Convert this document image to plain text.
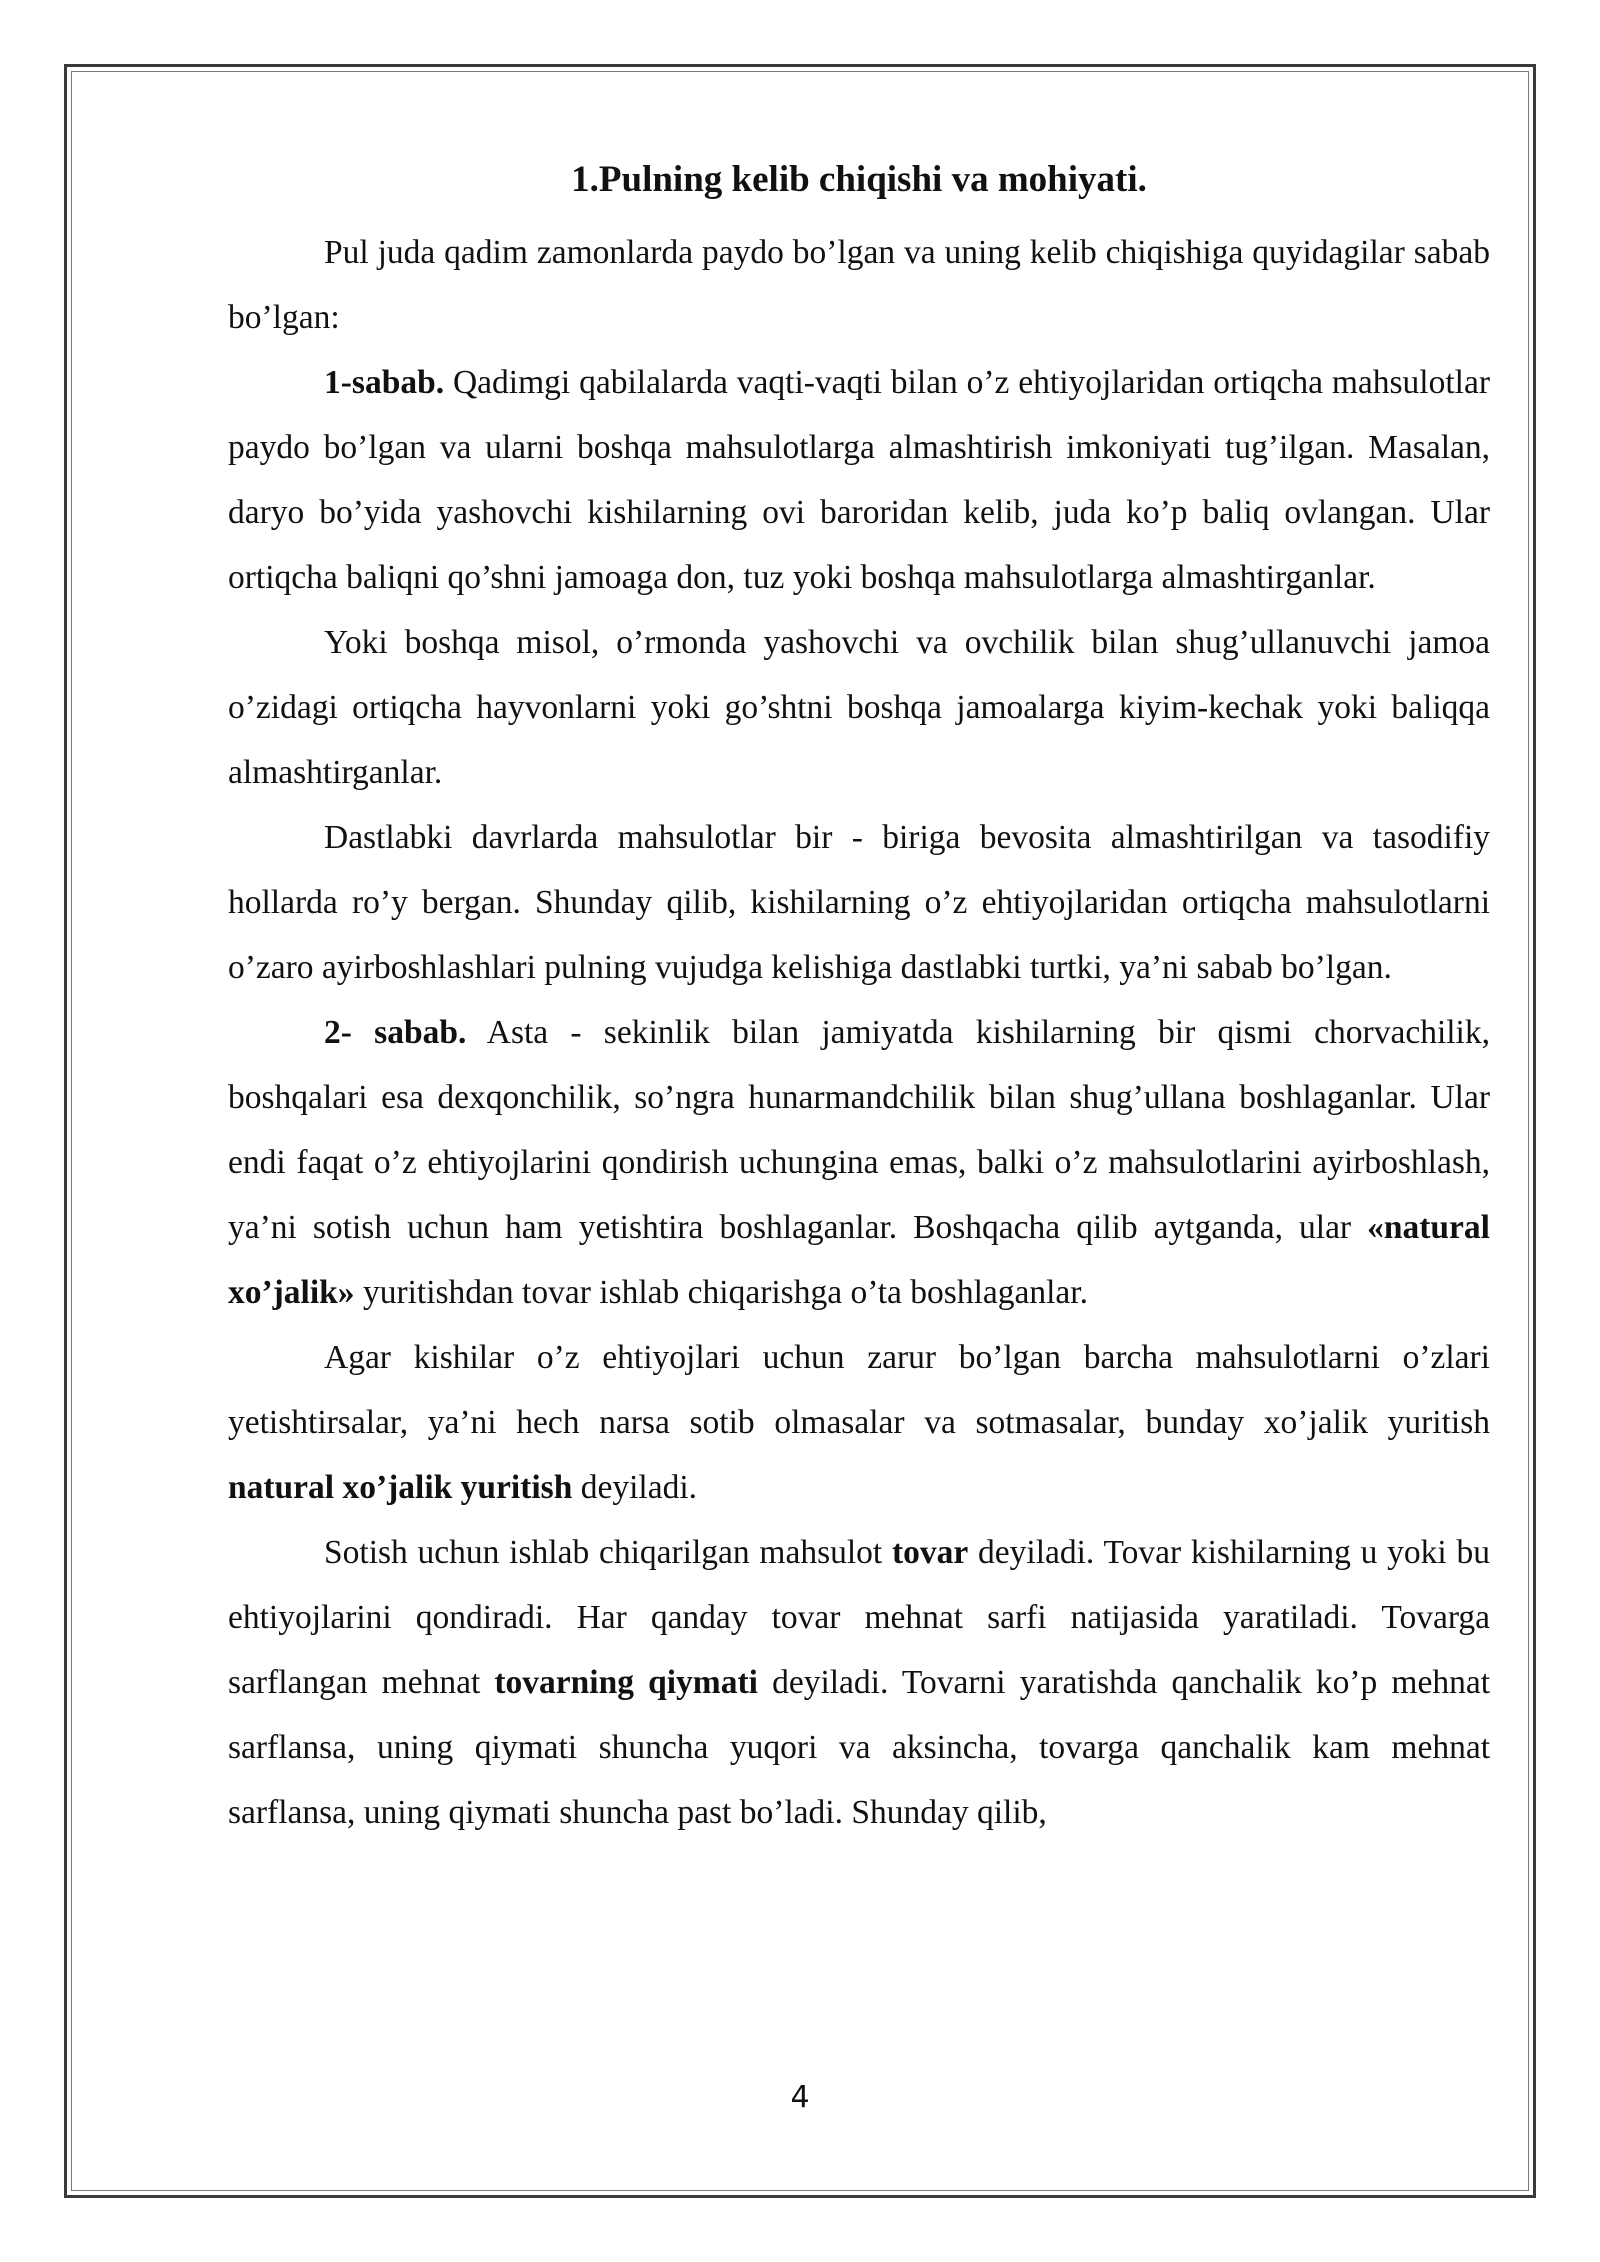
1.Pulning kelib chiqishi va mohiyati.

Pul juda qadim zamonlarda paydo bo’lgan va uning kelib chiqishiga quyidagilar sabab bo’lgan:

1-sabab. Qadimgi qabilalarda vaqti-vaqti bilan o’z ehtiyojlaridan ortiqcha mahsulotlar paydo bo’lgan va ularni boshqa mahsulotlarga almashtirish imkoniyati tug’ilgan. Masalan, daryo bo’yida yashovchi kishilarning ovi baroridan kelib, juda ko’p baliq ovlangan. Ular ortiqcha baliqni qo’shni jamoaga don, tuz yoki boshqa mahsulotlarga almashtirganlar.

Yoki boshqa misol, o’rmonda yashovchi va ovchilik bilan shug’ullanuvchi jamoa o’zidagi ortiqcha hayvonlarni yoki go’shtni boshqa jamoalarga kiyim-kechak yoki baliqqa almashtirganlar.

Dastlabki davrlarda mahsulotlar bir - biriga bevosita almashtirilgan va tasodifiy hollarda ro’y bergan. Shunday qilib, kishilarning o’z ehtiyojlaridan ortiqcha mahsulotlarni o’zaro ayirboshlashlari pulning vujudga kelishiga dastlabki turtki, ya’ni sabab bo’lgan.

2- sabab. Asta - sekinlik bilan jamiyatda kishilarning bir qismi chorvachilik, boshqalari esa dexqonchilik, so’ngra hunarmandchilik bilan shug’ullana boshlaganlar. Ular endi faqat o’z ehtiyojlarini qondirish uchungina emas, balki o’z mahsulotlarini ayirboshlash, ya’ni sotish uchun ham yetishtira boshlaganlar. Boshqacha qilib aytganda, ular «natural xo’jalik» yuritishdan tovar ishlab chiqarishga o’ta boshlaganlar.

Agar kishilar o’z ehtiyojlari uchun zarur bo’lgan barcha mahsulotlarni o’zlari yetishtirsalar, ya’ni hech narsa sotib olmasalar va sotmasalar, bunday xo’jalik yuritish natural xo’jalik yuritish deyiladi.

Sotish uchun ishlab chiqarilgan mahsulot tovar deyiladi. Tovar kishilarning u yoki bu ehtiyojlarini qondiradi. Har qanday tovar mehnat sarfi natijasida yaratiladi. Tovarga sarflangan mehnat tovarning qiymati deyiladi. Tovarni yaratishda qanchalik ko’p mehnat sarflansa, uning qiymati shuncha yuqori va aksincha, tovarga qanchalik kam mehnat sarflansa, uning qiymati shuncha past bo’ladi. Shunday qilib,

4
